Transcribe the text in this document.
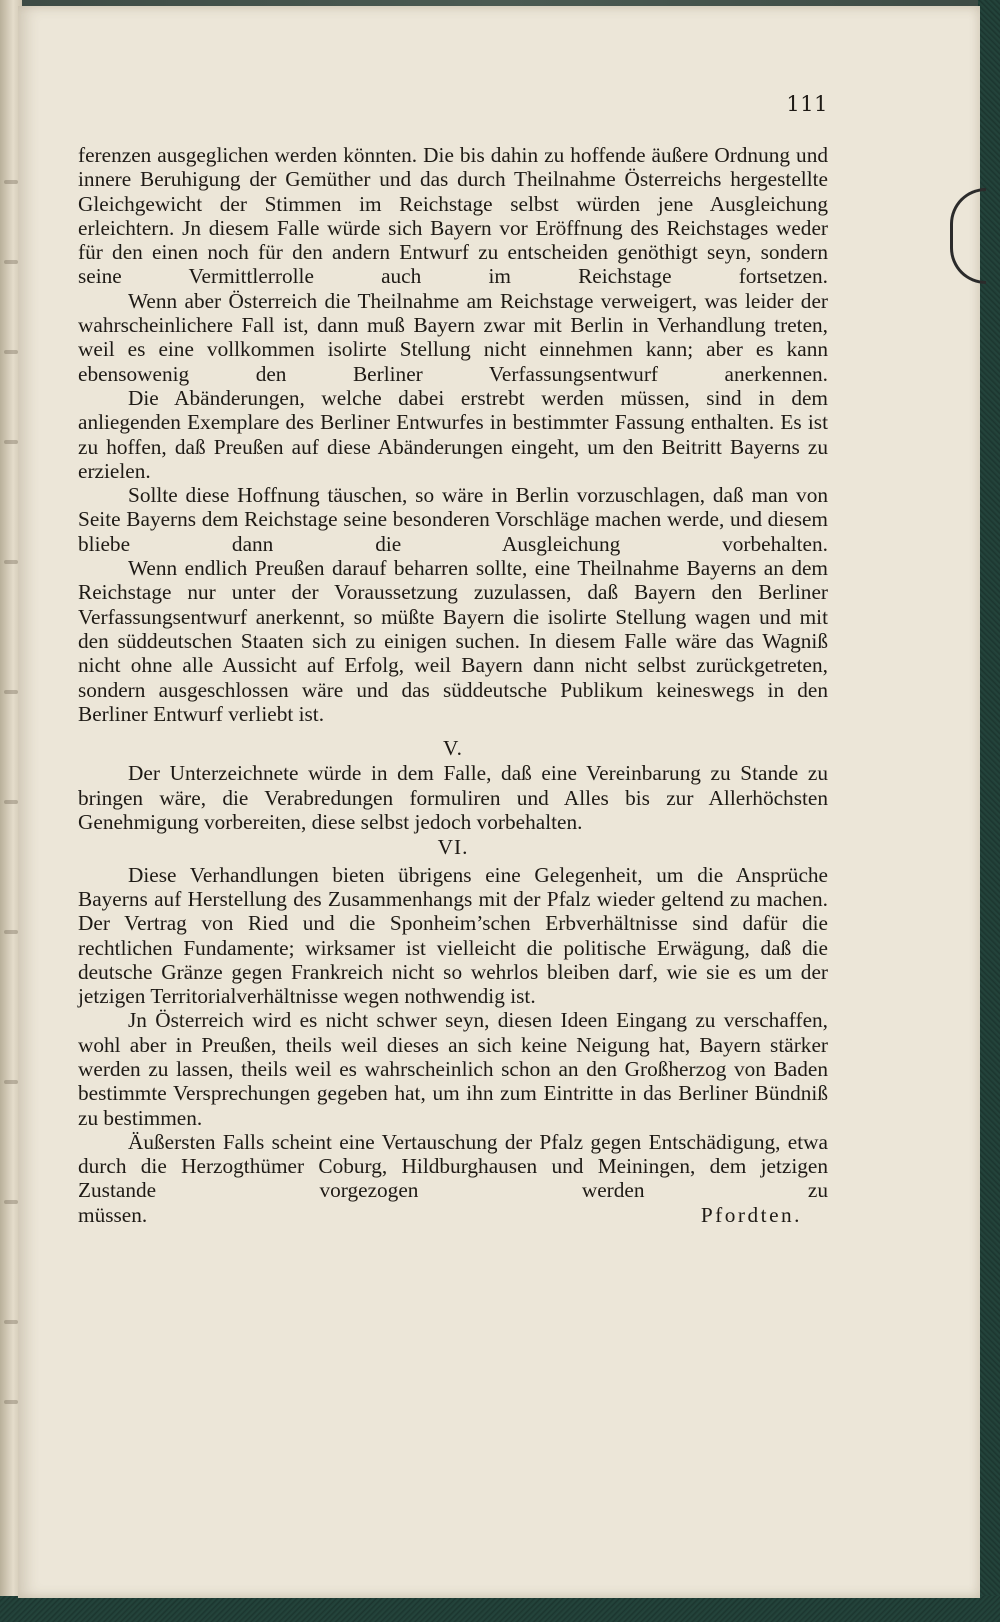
111

ferenzen ausgeglichen werden könnten. Die bis dahin zu hoffende äußere Ordnung und innere Beruhigung der Gemüther und das durch Theilnahme Österreichs hergestellte Gleichgewicht der Stimmen im Reichstage selbst würden jene Ausgleichung erleichtern. Jn diesem Falle würde sich Bayern vor Eröffnung des Reichstages weder für den einen noch für den andern Entwurf zu entscheiden genöthigt seyn, sondern seine Vermittlerrolle auch im Reichstage fortsetzen.

Wenn aber Österreich die Theilnahme am Reichstage verweigert, was leider der wahrscheinlichere Fall ist, dann muß Bayern zwar mit Berlin in Verhandlung treten, weil es eine vollkommen isolirte Stellung nicht einnehmen kann; aber es kann ebensowenig den Berliner Verfassungsentwurf anerkennen.

Die Abänderungen, welche dabei erstrebt werden müssen, sind in dem anliegenden Exemplare des Berliner Entwurfes in bestimmter Fassung enthalten. Es ist zu hoffen, daß Preußen auf diese Abänderungen eingeht, um den Beitritt Bayerns zu erzielen.

Sollte diese Hoffnung täuschen, so wäre in Berlin vorzuschlagen, daß man von Seite Bayerns dem Reichstage seine besonderen Vorschläge machen werde, und diesem bliebe dann die Ausgleichung vorbehalten.

Wenn endlich Preußen darauf beharren sollte, eine Theilnahme Bayerns an dem Reichstage nur unter der Voraussetzung zuzulassen, daß Bayern den Berliner Verfassungsentwurf anerkennt, so müßte Bayern die isolirte Stellung wagen und mit den süddeutschen Staaten sich zu einigen suchen. In diesem Falle wäre das Wagniß nicht ohne alle Aussicht auf Erfolg, weil Bayern dann nicht selbst zurückgetreten, sondern ausgeschlossen wäre und das süddeutsche Publikum keineswegs in den Berliner Entwurf verliebt ist.

V.

Der Unterzeichnete würde in dem Falle, daß eine Vereinbarung zu Stande zu bringen wäre, die Verabredungen formuliren und Alles bis zur Allerhöchsten Genehmigung vorbereiten, diese selbst jedoch vorbehalten.

VI.

Diese Verhandlungen bieten übrigens eine Gelegenheit, um die Ansprüche Bayerns auf Herstellung des Zusammenhangs mit der Pfalz wieder geltend zu machen. Der Vertrag von Ried und die Sponheim’schen Erbverhältnisse sind dafür die rechtlichen Fundamente; wirksamer ist vielleicht die politische Erwägung, daß die deutsche Gränze gegen Frankreich nicht so wehrlos bleiben darf, wie sie es um der jetzigen Territorialverhältnisse wegen nothwendig ist.

Jn Österreich wird es nicht schwer seyn, diesen Ideen Eingang zu verschaffen, wohl aber in Preußen, theils weil dieses an sich keine Neigung hat, Bayern stärker werden zu lassen, theils weil es wahrscheinlich schon an den Großherzog von Baden bestimmte Versprechungen gegeben hat, um ihn zum Eintritte in das Berliner Bündniß zu bestimmen.

Äußersten Falls scheint eine Vertauschung der Pfalz gegen Entschädigung, etwa durch die Herzogthümer Coburg, Hildburghausen und Meiningen, dem jetzigen Zustande vorgezogen werden zu

müssen.	Pfordten.
